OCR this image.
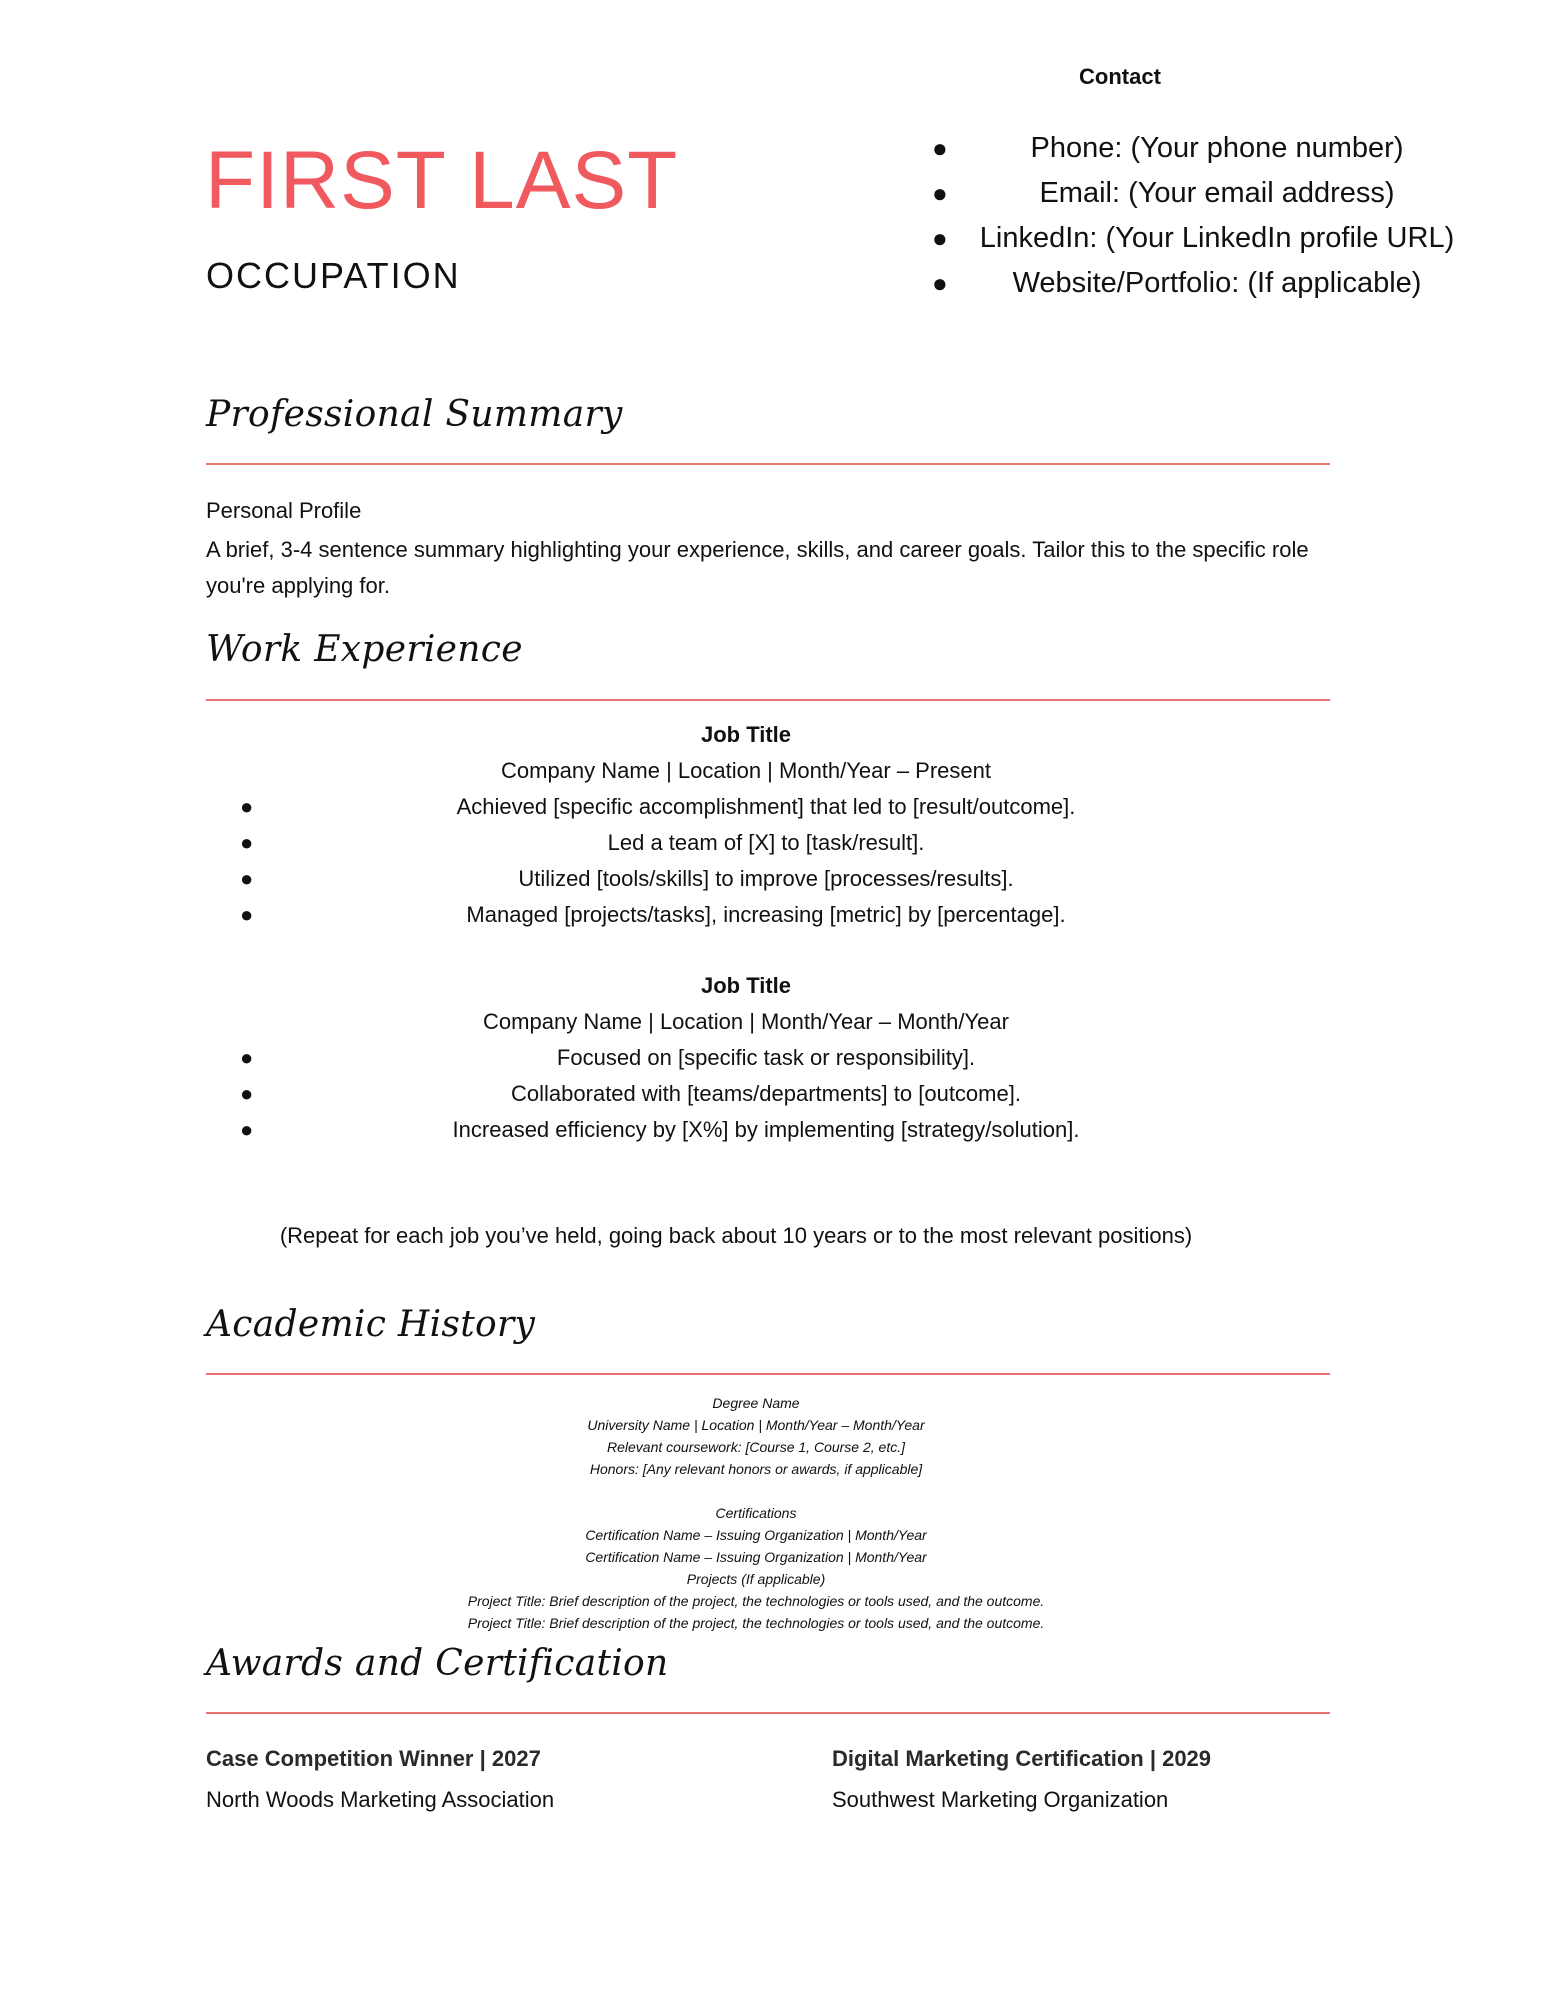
FIRST LAST
OCCUPATION
Contact
●	Phone: (Your phone number)
●	Email: (Your email address)
● LinkedIn: (Your LinkedIn profile URL)
●	Website/Portfolio: (If applicable)
Professional Summary
Personal Profile
A brief, 3-4 sentence summary highlighting your experience, skills, and career goals. Tailor this to the specific role you're applying for.
Work Experience
Job Title
Company Name | Location | Month/Year – Present
●	Achieved [specific accomplishment] that led to [result/outcome].
●	Led a team of [X] to [task/result].
●	Utilized [tools/skills] to improve [processes/results].
●	Managed [projects/tasks], increasing [metric] by [percentage].
Job Title
Company Name | Location | Month/Year – Month/Year
●	Focused on [specific task or responsibility].
●	Collaborated with [teams/departments] to [outcome].
●	Increased efficiency by [X%] by implementing [strategy/solution].
(Repeat for each job you’ve held, going back about 10 years or to the most relevant positions)
Academic History
Degree Name
University Name | Location | Month/Year – Month/Year
Relevant coursework: [Course 1, Course 2, etc.]
Honors: [Any relevant honors or awards, if applicable]
Certifications
Certification Name – Issuing Organization | Month/Year
Certification Name – Issuing Organization | Month/Year
Projects (If applicable)
Project Title: Brief description of the project, the technologies or tools used, and the outcome.
Project Title: Brief description of the project, the technologies or tools used, and the outcome.
Awards and Certification
Case Competition Winner | 2027
North Woods Marketing Association
Digital Marketing Certification | 2029
Southwest Marketing Organization
